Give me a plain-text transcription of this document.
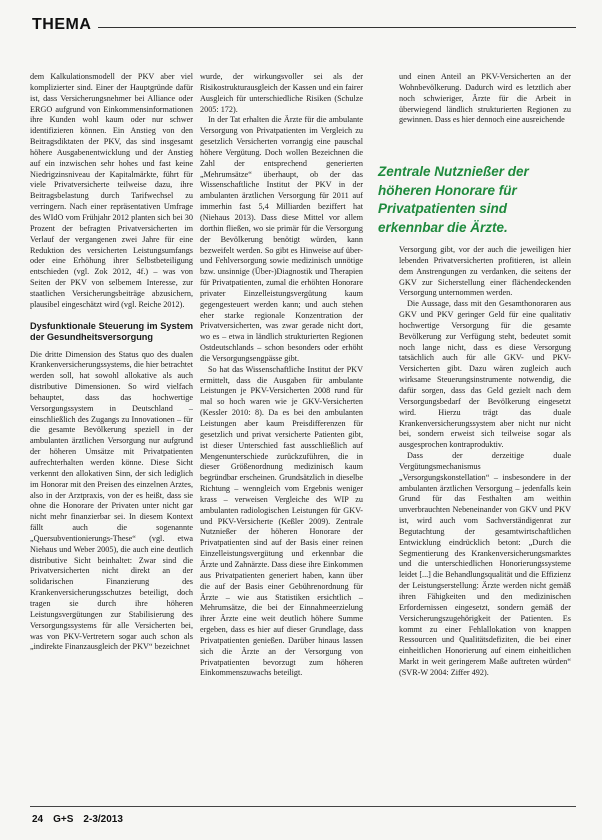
THEMA

dem Kalkulationsmodell der PKV aber viel komplizierter sind. Einer der Hauptgründe dafür ist, dass Versicherungsnehmer bei Alliance oder ERGO aufgrund von Einkommensinformationen ihre Kunden wohl kaum oder nur schwer identifizieren können. Ein Anstieg von den Beitragsdiktaten der PKV, das sind insgesamt höhere Ausgabenentwicklung und der Anstieg auf ein inzwischen sehr hohes und fast keine Niedrigzinsniveau der Kapitalmärkte, führt für viele Privatversicherte teilweise dazu, ihre Beitragsbelastung durch Tarifwechsel zu verringern. Nach einer repräsentativen Umfrage des WIdO vom Frühjahr 2012 planten sich bei 30 Prozent der befragten Privatversicherten im Verlauf der vergangenen zwei Jahre für eine Reduktion des versicherten Leistungsumfangs oder eine Erhöhung ihrer Selbstbeteiligung entschieden (vgl. Zok 2012, 4f.) – was von Seiten der PKV von selbemem Interesse, zur staatlichen Versicherungsbeiträge abzusichern, plausibel eingeschätzt wird (vgl. Reiche 2012).

Dysfunktionale Steuerung im System der Gesundheitsversorgung

Die dritte Dimension des Status quo des dualen Krankenversicherungssystems, die hier betrachtet werden soll, hat sowohl allokative als auch distributive Dimensionen. So wird vielfach behauptet, dass das hochwertige Versorgungssystem in Deutschland – einschließlich des Zugangs zu Innovationen – für die gesamte Bevölkerung speziell in der ambulanten ärztlichen Versorgung nur aufgrund der höheren Umsätze mit Privatpatienten aufrechterhalten werden könne. Diese Sicht verkennt den allokativen Sinn, der sich lediglich im Honorar mit den Preisen des einzelnen Arztes, also in der Arztpraxis, von der es heißt, dass sie ohne die Honorare der Privaten unter nicht gar nicht mehr finanzierbar sei. In diesem Kontext fällt auch die sogenannte „Quersubventionierungs-These“ (vgl. etwa Niehaus und Weber 2005), die auch eine deutlich distributive Sicht beinhaltet: Zwar sind die Privatversicherten nicht direkt an der solidarischen Finanzierung des Krankenversicherungsschutzes beteiligt, doch tragen sie durch ihre höheren Leistungsvergütungen zur Stabilisierung des Versorgungssystems für alle Versicherten bei, was von PKV-Vertretern sogar auch schon als „indirekte Finanzausgleich der PKV“ bezeichnet

wurde, der wirkungsvoller sei als der Risikostrukturausgleich der Kassen und ein fairer Ausgleich für unterschiedliche Risiken (Schulze 2005: 172).

In der Tat erhalten die Ärzte für die ambulante Versorgung von Privatpatienten im Vergleich zu gesetzlich Versicherten vorrangig eine pauschal höhere Vergütung. Doch wollen Bezeichnen die Zahl der entsprechend generierten „Mehrumsätze“ überhaupt, ob der das Wissenschaftliche Institut der PKV in der ambulanten ärztlichen Versorgung für 2011 auf immerhin fast 5,4 Milliarden beziffert hat (Niehaus 2013). Dass diese Mittel vor allem dorthin fließen, wo sie primär für die Versorgung der Bevölkerung benötigt würden, kann bezweifelt werden. So gibt es Hinweise auf über- und Fehlversorgung sowie medizinisch unnötige bzw. unsinnige (Über-)Diagnostik und Therapien für Privatpatienten, zumal die erhöhten Honorare privater Einzelleistungsvergütung kaum gegengesteuert werden kann; und auch stehen eher starke regionale Konzentration der Privatversicherten, was zwar gerade nicht dort, wo es – etwa in ländlich strukturierten Regionen Ostdeutschlands – schon besonders oder erhöht die Versorgungsengpässe gibt.

So hat das Wissenschaftliche Institut der PKV ermittelt, dass die Ausgaben für ambulante Leistungen je PKV-Versicherten 2008 rund für mal so hoch waren wie je GKV-Versicherten (Kessler 2010: 8). Da es bei den ambulanten Leistungen aber kaum Preisdifferenzen für gesetzlich und privat versicherte Patienten gibt, ist dieser Unterschied fast ausschließlich auf Mengenunterschiede zurückzuführen, die in dieser Größenordnung medizinisch kaum begründbar erscheinen. Grundsätzlich in dieselbe Richtung – wenngleich vom Ergebnis weniger krass – verweisen Vergleiche des WIP zu ambulanten radiologischen Leistungen für GKV- und PKV-Versicherte (Keßler 2009). Zentrale Nutznießer der höheren Honorare der Privatpatienten sind auf der Basis einer reinen Einzelleistungsvergütung und erkennbar die Ärzte und Zahnärzte. Dass diese ihre Einkommen aus Privatpatienten generiert haben, kann über die auf der Basis einer Gebührenordnung für Ärzte – wie aus Statistiken ersichtlich – Mehrumsätze, die bei der Einnahmeerzielung ihrer Ärzte eine weit deutlich höhere Summe ergeben, dass es hier auf dieser Grundlage, dass Privatpatienten genießen. Darüber hinaus lassen sich die Ärzte an der Versorgung von Privatpatienten bevorzugt zum höheren Einkommenszuwachs beteiligt.

und einen Anteil an PKV-Versicherten an der Wohnbevölkerung. Dadurch wird es letztlich aber noch schwieriger, Ärzte für die Arbeit in überwiegend ländlich strukturierten Regionen zu gewinnen. Dass es hier dennoch eine ausreichende

Zentrale Nutznießer der höheren Honorare für Privatpatienten sind erkennbar die Ärzte.

Versorgung gibt, vor der auch die jeweiligen hier lebenden Privatversicherten profitieren, ist allein dem Anstrengungen zu verdanken, die seitens der GKV zur Sicherstellung einer flächendeckenden Versorgung unternommen werden.

Die Aussage, dass mit den Gesamthonoraren aus GKV und PKV geringer Geld für eine qualitativ hochwertige Versorgung für die gesamte Bevölkerung zur Verfügung steht, bedeutet somit noch lange nicht, dass es diese Versorgung tatsächlich auch für alle GKV- und PKV-Versicherten gibt. Dazu wären zugleich auch wirksame Steuerungsinstrumente notwendig, die dafür sorgen, dass das Geld gezielt nach dem Versorgungsbedarf der Bevölkerung eingesetzt wird. Hierzu trägt das duale Krankenversicherungssystem aber nicht nur nicht bei, sondern erweist sich teilweise sogar als ausgesprochen kontraproduktiv.

Dass der derzeitige duale Vergütungsmechanismus „Versorgungskonstellation“ – insbesondere in der ambulanten ärztlichen Versorgung – jedenfalls kein Grund für das Festhalten am weithin unverbrauchten Nebeneinander von GKV und PKV ist, wird auch vom Sachverständigenrat zur Begutachtung der gesamtwirtschaftlichen Entwicklung eindrücklich betont: „Durch die Segmentierung des Krankenversicherungsmarktes und die unterschiedlichen Honorierungssysteme leidet [...] die Behandlungsqualität und die Effizienz der Leistungserstellung: Ärzte werden nicht gemäß ihren Fähigkeiten und den medizinischen Erfordernissen eingesetzt, sondern gemäß der Versicherungszugehörigkeit der Patienten. Es kommt zu einer Fehlallokation von knappen Ressourcen und Qualitätsdefiziten, die bei einer einheitlichen Honorierung auf einem einheitlichen Markt in weit geringerem Maße auftreten würden“ (SVR-W 2004: Ziffer 492).

24 G+S 2-3/2013
